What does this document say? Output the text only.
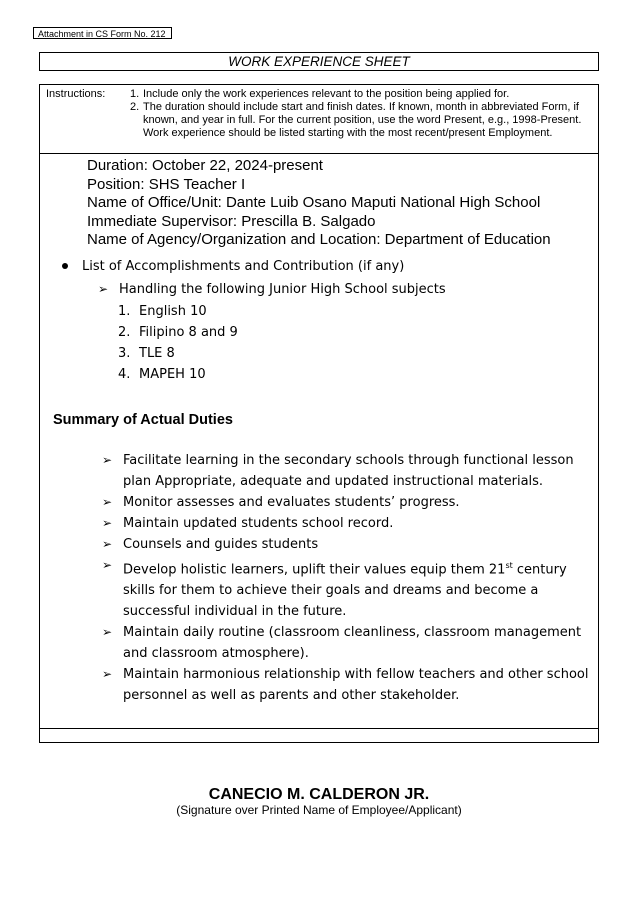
Attachment in CS Form No. 212
WORK EXPERIENCE SHEET
Instructions: 1. Include only the work experiences relevant to the position being applied for.
2. The duration should include start and finish dates. If known, month in abbreviated Form, if known, and year in full. For the current position, use the word Present, e.g., 1998-Present. Work experience should be listed starting with the most recent/present Employment.
Duration: October 22, 2024-present
Position: SHS Teacher I
Name of Office/Unit: Dante Luib Osano Maputi National High School
Immediate Supervisor: Prescilla B. Salgado
Name of Agency/Organization and Location: Department of Education
List of Accomplishments and Contribution (if any)
➢ Handling the following Junior High School subjects
1. English 10
2. Filipino 8 and 9
3. TLE 8
4. MAPEH 10
Summary of Actual Duties
➢ Facilitate learning in the secondary schools through functional lesson plan Appropriate, adequate and updated instructional materials.
➢ Monitor assesses and evaluates students’ progress.
➢ Maintain updated students school record.
➢ Counsels and guides students
➢ Develop holistic learners, uplift their values equip them 21st century skills for them to achieve their goals and dreams and become a successful individual in the future.
➢ Maintain daily routine (classroom cleanliness, classroom management and classroom atmosphere).
➢ Maintain harmonious relationship with fellow teachers and other school personnel as well as parents and other stakeholder.
CANECIO M. CALDERON JR.
(Signature over Printed Name of Employee/Applicant)
